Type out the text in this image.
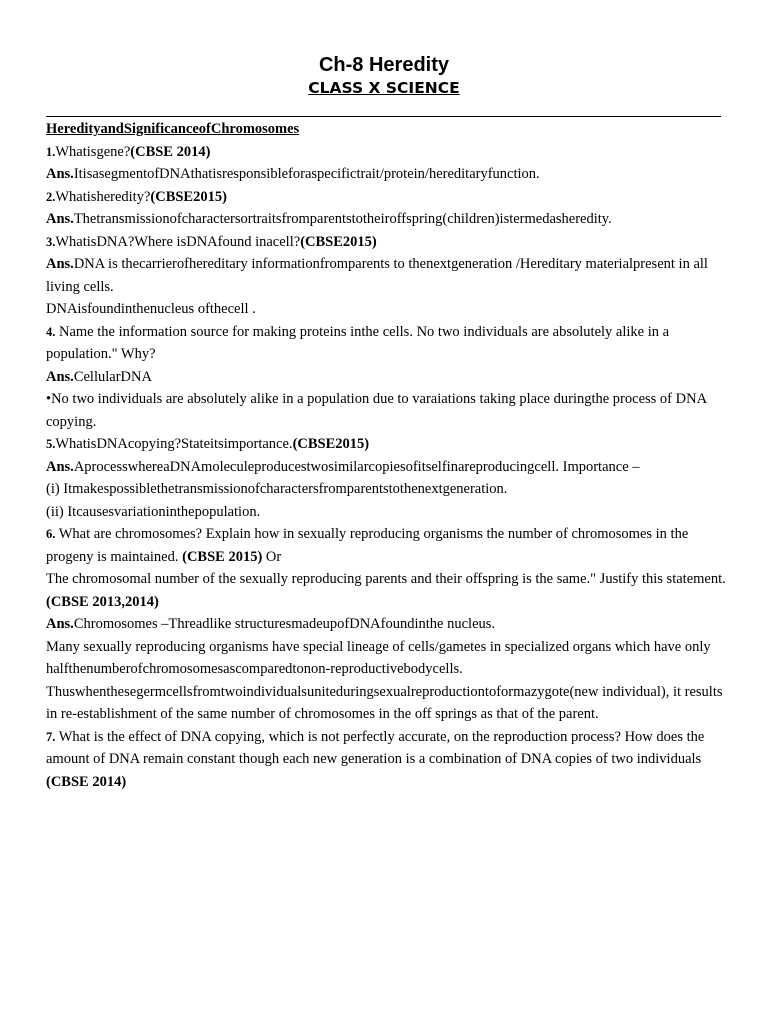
Ch-8 Heredity
CLASS X SCIENCE
HeredityandSignificanceofChromosomes
1.Whatisgene?(CBSE 2014)
Ans.ItisasegmentofDNAthatisresponsibleforaspecifictrait/protein/hereditaryfunction.
2.Whatisheredity?(CBSE2015)
Ans.Thetransmissionofcharactersortraitsfromparentstotheiroffspring(children)istermedasheredity.
3.WhatisDNA?Where isDNAfound inacell?(CBSE2015)
Ans.DNA is thecarrierofhereditary informationfromparents to thenextgeneration /Hereditary materialpresent in all living cells.
DNAisfoundinthenucleus ofthecell .
4. Name the information source for making proteins inthe cells. No two individuals are absolutely alike in a population." Why?
Ans.CellularDNA
•No two individuals are absolutely alike in a population due to varaiations taking place duringthe process of DNA copying.
5.WhatisDNAcopying?Stateitsimportance.(CBSE2015)
Ans.AprocesswhereaDNAmoleculeproducestwosimilarcopiesofitselfinareproducingcell. Importance –
(i) Itmakespossiblethetransmissionofcharactersfromparentstothenextgeneration.
(ii) Itcausesvariationinthepopulation.
6. What are chromosomes? Explain how in sexually reproducing organisms the number of chromosomes in the progeny is maintained. (CBSE 2015) Or
The chromosomal number of the sexually reproducing parents and their offspring is the same." Justify this statement. (CBSE 2013,2014)
Ans.Chromosomes –Threadlike structuresmadeupofDNAfoundinthe nucleus.
Many sexually reproducing organisms have special lineage of cells/gametes in specialized organs which have only halfthenumberofchromosomesascomparedtonon-reproductivebodycells.
Thuswhenthesegermcellsfromtwoindividualsuniteduringsexualreproductiontoformazygote(new individual), it results in re-establishment of the same number of chromosomes in the off springs as that of the parent.
7. What is the effect of DNA copying, which is not perfectly accurate, on the reproduction process? How does the amount of DNA remain constant though each new generation is a combination of DNA copies of two individuals
(CBSE 2014)
